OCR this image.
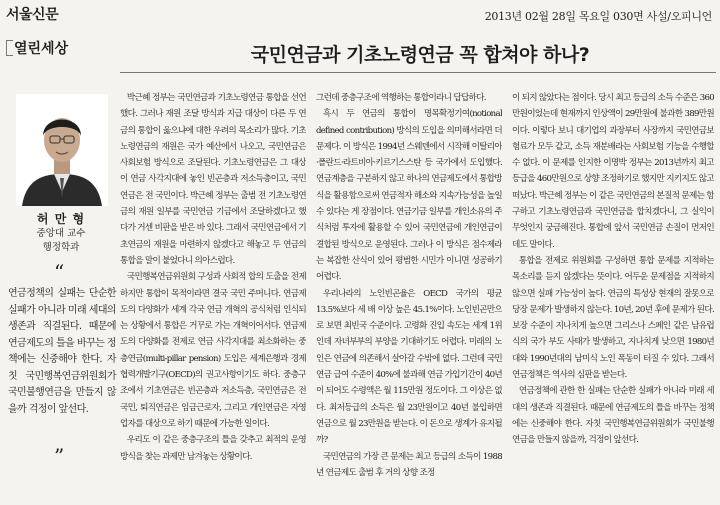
서울신문	2013년 02월 28일 목요일 030면 사설/오피니언
열린세상	국민연금과 기초노령연금 꼭 합쳐야 하나?
허 만 형
중앙대 교수
행정학과
“
연금정책의 실패는 단순한 실패가 아니라 미래 세대의 생존과 직결된다. 때문에 연금제도의 틀을 바꾸는 정책에는 신중해야 한다. 자칫 국민행복연금위원회가 국민불행연금을 만들지 않을까 걱정이 앞선다.
”

박근혜 정부는 국민연금과 기초노령연금 통합을 선언했다. 그러나 재원 조달 방식과 지급 대상이 다른 두 연금의 통합이 옳으냐에 대한 우려의 목소리가 많다. 기초노령연금의 재원은 국가 예산에서 나오고, 국민연금은 사회보험 방식으로 조달된다. 기초노령연금은 그 대상이 연금 사각지대에 놓인 빈곤층과 저소득층이고, 국민연금은 전 국민이다. 박근혜 정부는 출범 전 기초노령연금의 재원 일부를 국민연금 기금에서 조달하겠다고 했다가 거센 비판을 받은 바 있다. 그래서 국민연금에서 기초연금의 재원을 마련하지 않겠다고 해놓고 두 연금의 통합을 말이 붙었다니 의아스럽다.

국민행복연금위원회 구성과 사회적 합의 도출을 전제하지만 통합이 목적이라면 결국 국민 주머니다. 연금제도의 다양화가 세계 각국 연금 개혁의 공식처럼 인식되는 상황에서 통합은 거꾸로 가는 개혁이어서다. 연금제도의 다양화를 전제로 연금 사각지대를 최소화하는 중층연금(multi-pillar pension) 도입은 세계은행과 경제협력개발기구(OECD)의 권고사항이기도 하다. 중층구조에서 기초연금은 빈곤층과 저소득층, 국민연금은 전 국민, 퇴직연금은 임금근로자, 그리고 개인연금은 자영업자를 대상으로 하기 때문에 가능한 일이다.

우리도 이 같은 중층구조의 틀을 갖추고 최적의 운영방식을 찾는 과제만 남겨놓는 상황이다.

그런데 중층구조에 역행하는 통합이라니 답답하다.

흑시 두 연금의 통합이 명목확정기여(notional defined contribution) 방식의 도입을 의미해서라면 더 문제다. 이 방식은 1994년 스웨덴에서 시작해 이탈리아·폴란드·라트비아·키르기스스탄 등 국가에서 도입했다. 연금계층을 구분하지 않고 하나의 연금제도에서 통합방식을 활용함으로써 연금적자 해소와 지속가능성을 높일 수 있다는 게 장점이다. 연금기금 일부를 개인소유의 주식처럼 투자에 활용할 수 있어 국민연금에 개인연금이 결합된 방식으로 운영된다. 그러나 이 방식은 점수제라는 복잡한 산식이 있어 평범한 시민가 이니면 성공하기 어렵다.

우리나라의 노인빈곤율은 OECD 국가의 평균 13.5%보다 세 배 이상 높은 45.1%이다. 노인빈곤만으로 보면 최빈국 수준이다. 고령화 진입 속도는 세계 1위인데 자녀부부의 부양을 기대하기도 어렵다. 미래의 노인은 연금에 의존해서 살아갈 수밖에 없다. 그런데 국민연금 급여 수준이 40%에 불과해 연금 가입기간이 40년이 되어도 수령액은 월 115만원 정도이다. 그 이상은 없다. 최저등급의 소득은 월 23만원이고 40년 불입하면 연금으로 월 23만원을 받는다. 이 돈으로 생계가 유지될까?

국민연금의 가장 큰 문제는 최고 등급의 소득이 1988년 연금제도 출범 후 거의 상향 조정

이 되지 않았다는 점이다. 당시 최고 등급의 소득 수준은 360만원이었는데 현재까지 인상액이 29만원에 불과한 389만원이다. 이렇다 보니 대기업의 과장부터 사장까지 국민연금보험료가 모두 같고, 소득 재분배라는 사회보험 기능을 수행할 수 없다. 이 문제를 인지한 이명박 정부는 2013년까지 최고 등급을 460만원으로 상향 조정하기로 했지만 지키지도 않고 떠났다. 박근혜 정부는 이 같은 국민연금의 본질적 문제는 함구하고 기초노령연금과 국민연금을 합치겠다니, 그 실익이 무엇인지 궁금해진다. 통합에 앞서 국민연금 손질이 먼저인데도 말이다.

통합을 전제로 위원회를 구성하면 통합 문제를 지적하는 목소리를 듣지 않겠다는 뜻이다. 어두운 문제점을 지적하지 않으면 실패 가능성이 높다. 연금의 특성상 현재의 잘못으로 당장 문제가 발생하지 않는다. 10년, 20년 후에 문제가 된다. 보장 수준이 지나치게 높으면 그리스나 스페인 같은 남유럽식의 국가 부도 사태가 발생하고, 지나치게 낮으면 1980년대와 1990년대의 남미식 노인 폭동이 터질 수 있다. 그래서 연금정책은 역사의 심판을 받는다.

연금정책에 관한 한 실패는 단순한 실패가 아니라 미래 세대의 생존과 직결된다. 때문에 연금제도의 틀을 바꾸는 정책에는 신중해야 한다. 자칫 국민행복연금위원회가 국민불행연금을 만들지 않을까, 걱정이 앞선다.
